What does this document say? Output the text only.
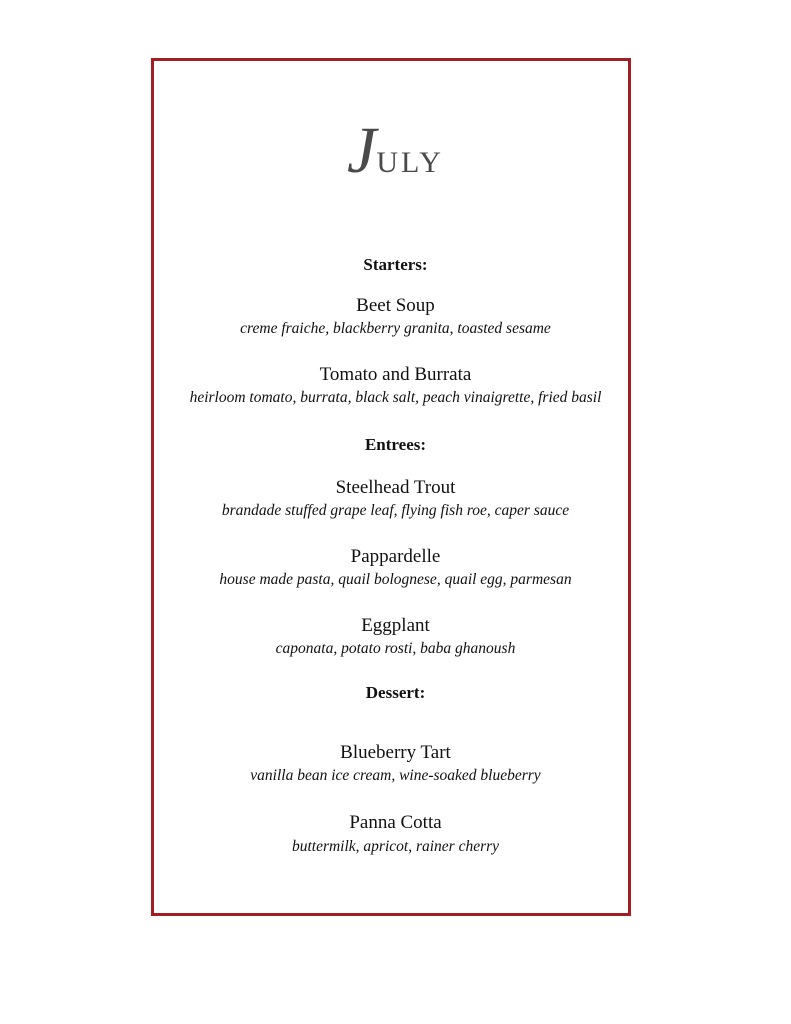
JULY
Starters:
Beet Soup
creme fraiche, blackberry granita, toasted sesame
Tomato and Burrata
heirloom tomato, burrata, black salt, peach vinaigrette, fried basil
Entrees:
Steelhead Trout
brandade stuffed grape leaf, flying fish roe, caper sauce
Pappardelle
house made pasta, quail bolognese, quail egg, parmesan
Eggplant
caponata, potato rosti, baba ghanoush
Dessert:
Blueberry Tart
vanilla bean ice cream, wine-soaked blueberry
Panna Cotta
buttermilk, apricot, rainer cherry
